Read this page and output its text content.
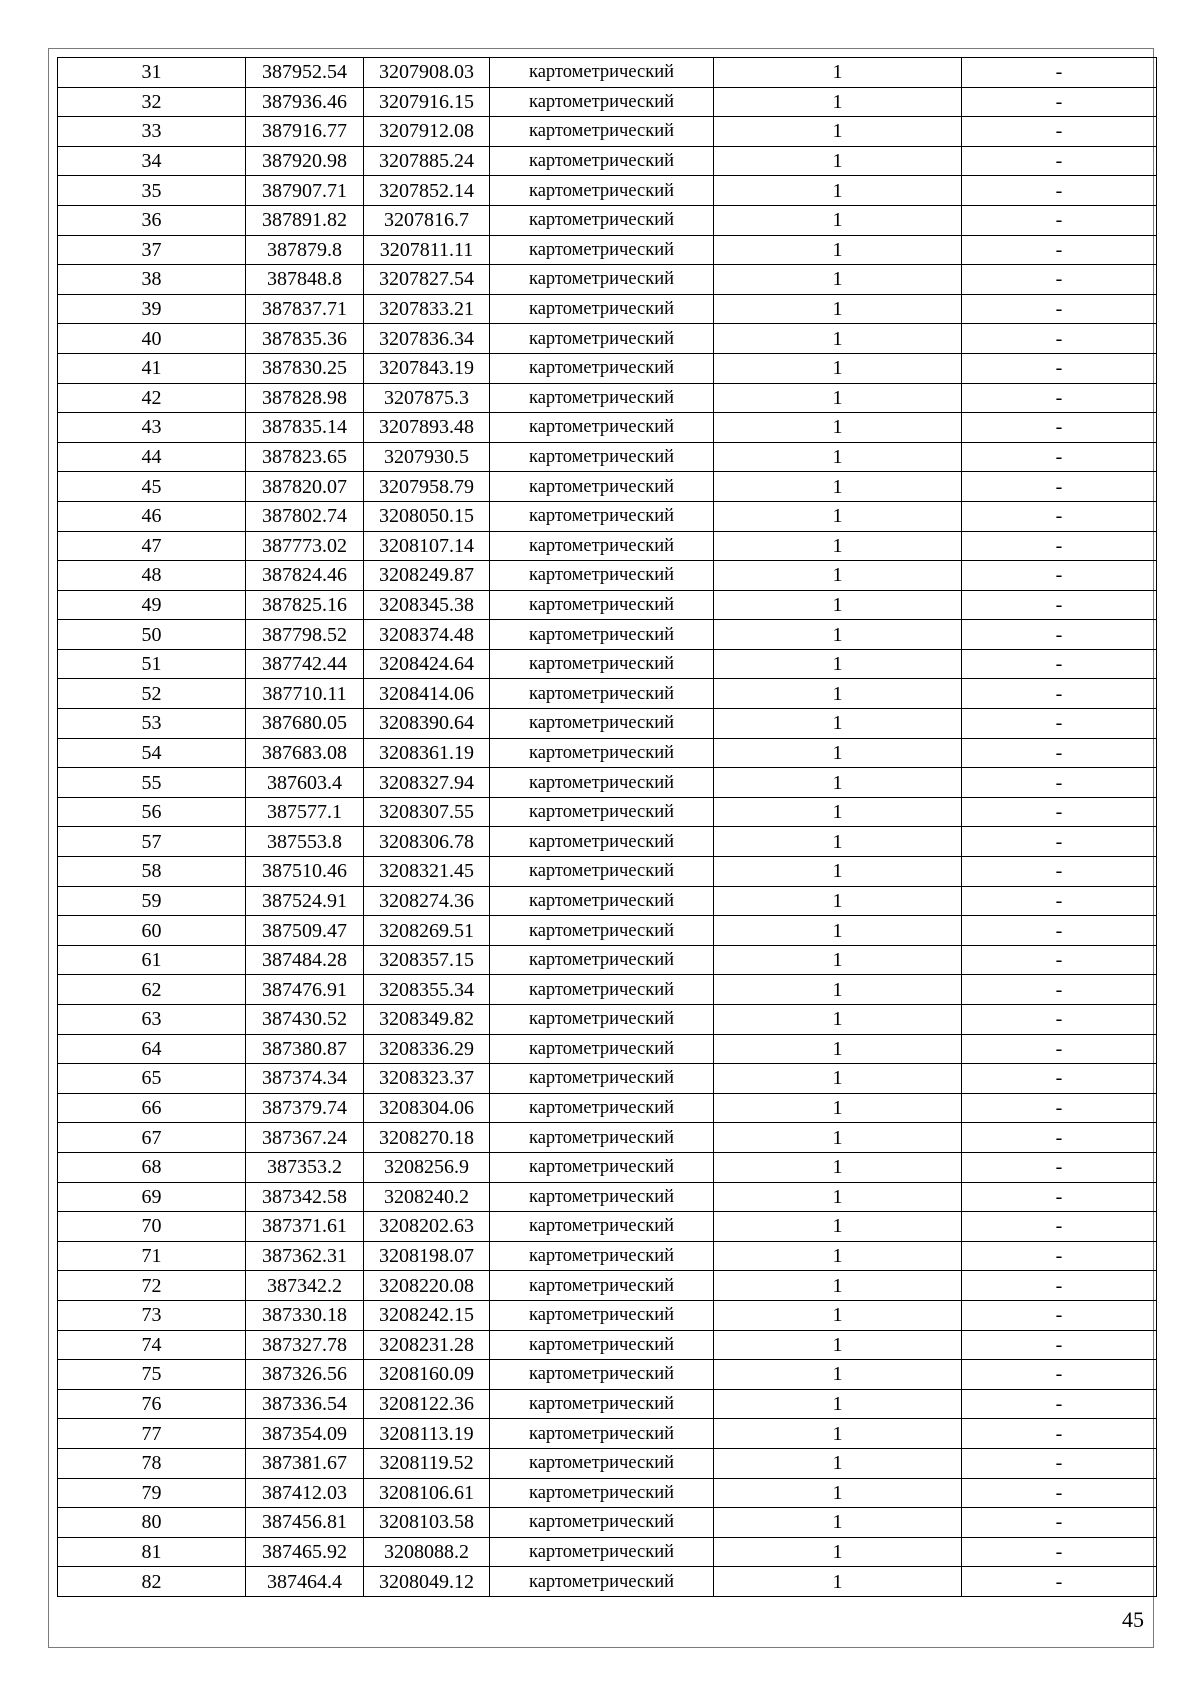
31	387952.54	3207908.03	картометрический	1	-
32	387936.46	3207916.15	картометрический	1	-
33	387916.77	3207912.08	картометрический	1	-
34	387920.98	3207885.24	картометрический	1	-
35	387907.71	3207852.14	картометрический	1	-
36	387891.82	3207816.7	картометрический	1	-
37	387879.8	3207811.11	картометрический	1	-
38	387848.8	3207827.54	картометрический	1	-
39	387837.71	3207833.21	картометрический	1	-
40	387835.36	3207836.34	картометрический	1	-
41	387830.25	3207843.19	картометрический	1	-
42	387828.98	3207875.3	картометрический	1	-
43	387835.14	3207893.48	картометрический	1	-
44	387823.65	3207930.5	картометрический	1	-
45	387820.07	3207958.79	картометрический	1	-
46	387802.74	3208050.15	картометрический	1	-
47	387773.02	3208107.14	картометрический	1	-
48	387824.46	3208249.87	картометрический	1	-
49	387825.16	3208345.38	картометрический	1	-
50	387798.52	3208374.48	картометрический	1	-
51	387742.44	3208424.64	картометрический	1	-
52	387710.11	3208414.06	картометрический	1	-
53	387680.05	3208390.64	картометрический	1	-
54	387683.08	3208361.19	картометрический	1	-
55	387603.4	3208327.94	картометрический	1	-
56	387577.1	3208307.55	картометрический	1	-
57	387553.8	3208306.78	картометрический	1	-
58	387510.46	3208321.45	картометрический	1	-
59	387524.91	3208274.36	картометрический	1	-
60	387509.47	3208269.51	картометрический	1	-
61	387484.28	3208357.15	картометрический	1	-
62	387476.91	3208355.34	картометрический	1	-
63	387430.52	3208349.82	картометрический	1	-
64	387380.87	3208336.29	картометрический	1	-
65	387374.34	3208323.37	картометрический	1	-
66	387379.74	3208304.06	картометрический	1	-
67	387367.24	3208270.18	картометрический	1	-
68	387353.2	3208256.9	картометрический	1	-
69	387342.58	3208240.2	картометрический	1	-
70	387371.61	3208202.63	картометрический	1	-
71	387362.31	3208198.07	картометрический	1	-
72	387342.2	3208220.08	картометрический	1	-
73	387330.18	3208242.15	картометрический	1	-
74	387327.78	3208231.28	картометрический	1	-
75	387326.56	3208160.09	картометрический	1	-
76	387336.54	3208122.36	картометрический	1	-
77	387354.09	3208113.19	картометрический	1	-
78	387381.67	3208119.52	картометрический	1	-
79	387412.03	3208106.61	картометрический	1	-
80	387456.81	3208103.58	картометрический	1	-
81	387465.92	3208088.2	картометрический	1	-
82	387464.4	3208049.12	картометрический	1	-
45
